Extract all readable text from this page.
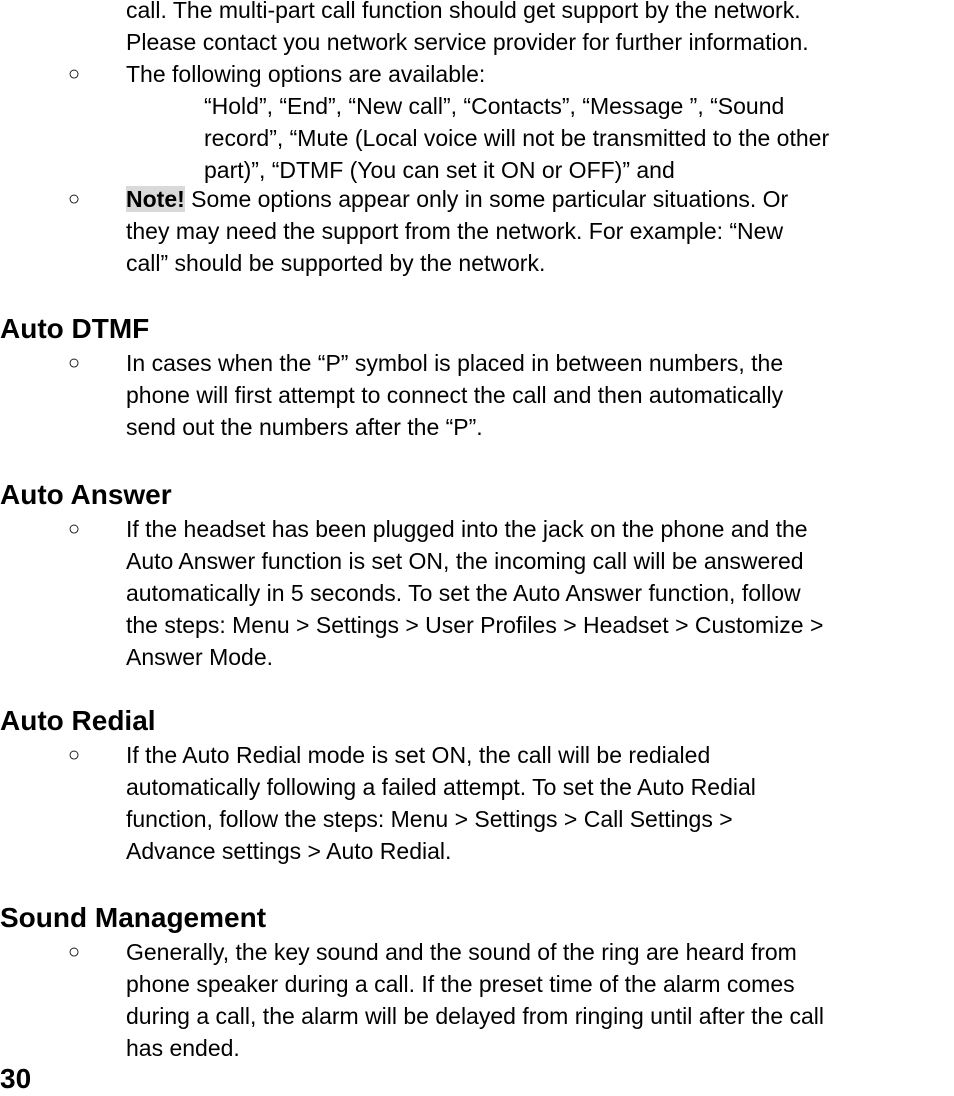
call. The multi-part call function should get support by the network.
Please contact you network service provider for further information.
○ The following options are available:
“Hold”, “End”, “New call”, “Contacts”, “Message ”, “Sound
record”, “Mute (Local voice will not be transmitted to the other
part)”, “DTMF (You can set it ON or OFF)” and
○ Note! Some options appear only in some particular situations. Or
they may need the support from the network. For example: “New
call” should be supported by the network.
Auto DTMF
○ In cases when the “P” symbol is placed in between numbers, the
phone will first attempt to connect the call and then automatically
send out the numbers after the “P”.
Auto Answer
○ If the headset has been plugged into the jack on the phone and the
Auto Answer function is set ON, the incoming call will be answered
automatically in 5 seconds. To set the Auto Answer function, follow
the steps: Menu > Settings > User Profiles > Headset > Customize >
Answer Mode.
Auto Redial
○ If the Auto Redial mode is set ON, the call will be redialed
automatically following a failed attempt. To set the Auto Redial
function, follow the steps: Menu > Settings > Call Settings >
Advance settings > Auto Redial.
Sound Management
○ Generally, the key sound and the sound of the ring are heard from
phone speaker during a call. If the preset time of the alarm comes
during a call, the alarm will be delayed from ringing until after the call
has ended.
30
